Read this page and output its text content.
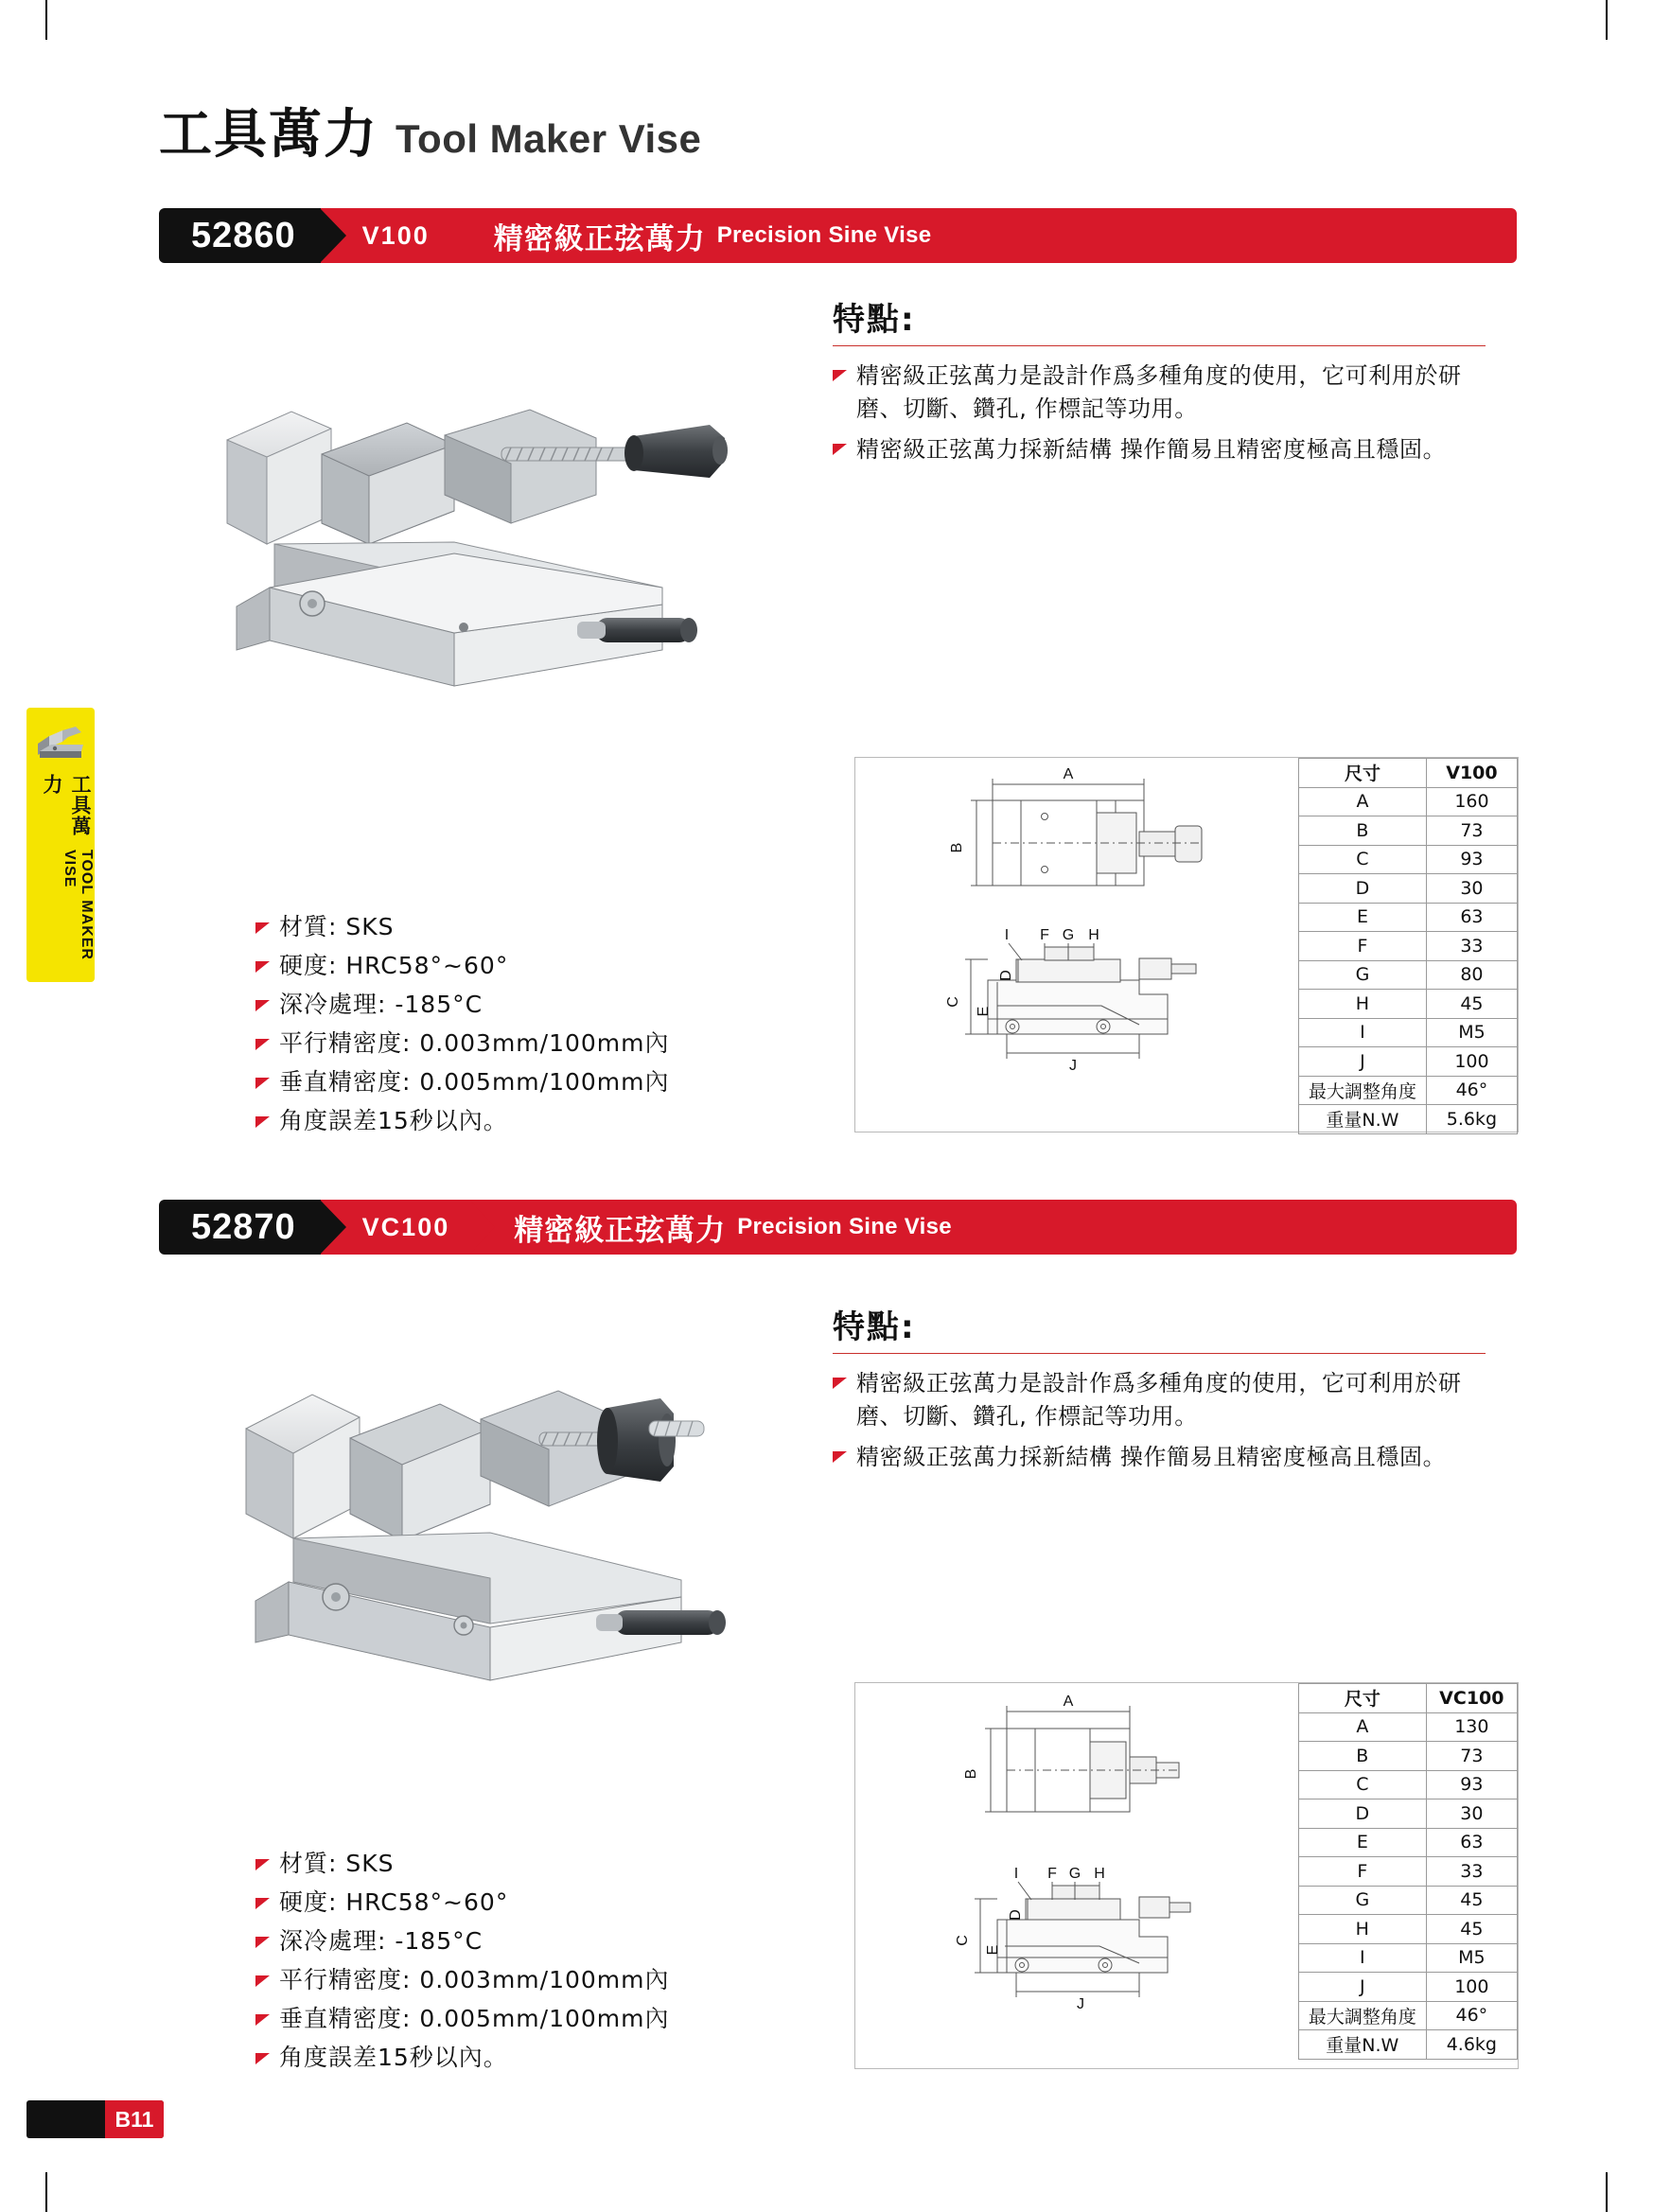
工具萬力 Tool Maker Vise
工具萬力
TOOL MAKER VISE
52860	V100	精密級正弦萬力 Precision Sine Vise
特點:

精密級正弦萬力是設計作爲多種角度的使用，它可利用於研磨、切斷、鑽孔, 作標記等功用。

精密級正弦萬力採新結構 操作簡易且精密度極高且穩固。

材質: SKS
硬度: HRC58°~60°
深冷處理: -185°C
平行精密度: 0.003mm/100mm內
垂直精密度: 0.005mm/100mm內
角度誤差15秒以內。
A
B
I F G H
C
E
D
J
尺寸	V100
A	160
B	73
C	93
D	30
E	63
F	33
G	80
H	45
I	M5
J	100
最大調整角度	46°
重量N.W	5.6kg
52870	VC100	精密級正弦萬力 Precision Sine Vise
特點:

精密級正弦萬力是設計作爲多種角度的使用，它可利用於研磨、切斷、鑽孔, 作標記等功用。

精密級正弦萬力採新結構 操作簡易且精密度極高且穩固。

材質: SKS
硬度: HRC58°~60°
深冷處理: -185°C
平行精密度: 0.003mm/100mm內
垂直精密度: 0.005mm/100mm內
角度誤差15秒以內。
A
B
I F G H
C
E
D
J
尺寸	VC100
A	130
B	73
C	93
D	30
E	63
F	33
G	45
H	45
I	M5
J	100
最大調整角度	46°
重量N.W	4.6kg
B11
